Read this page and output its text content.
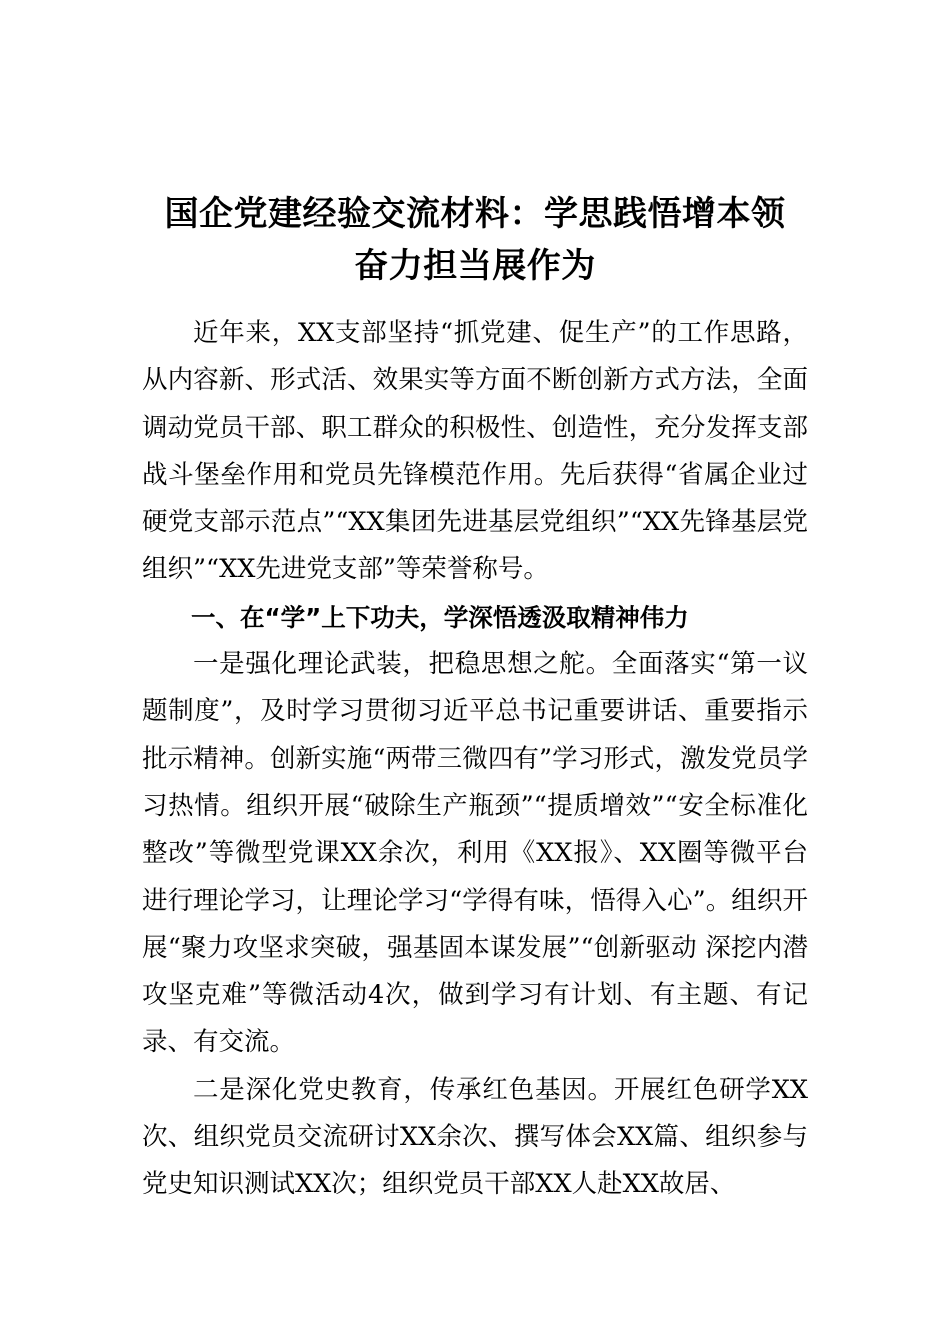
国企党建经验交流材料：学思践悟增本领
奋力担当展作为

近年来，XX支部坚持“抓党建、促生产”的工作思路，从内容新、形式活、效果实等方面不断创新方式方法，全面调动党员干部、职工群众的积极性、创造性，充分发挥支部战斗堡垒作用和党员先锋模范作用。先后获得“省属企业过硬党支部示范点”“XX集团先进基层党组织”“XX先锋基层党组织”“XX先进党支部”等荣誉称号。

一、在“学”上下功夫，学深悟透汲取精神伟力

一是强化理论武装，把稳思想之舵。全面落实“第一议题制度”，及时学习贯彻习近平总书记重要讲话、重要指示批示精神。创新实施“两带三微四有”学习形式，激发党员学习热情。组织开展“破除生产瓶颈”“提质增效”“安全标准化整改”等微型党课XX余次，利用《XX报》、XX圈等微平台进行理论学习，让理论学习“学得有味，悟得入心”。组织开展“聚力攻坚求突破，强基固本谋发展”“创新驱动 深挖内潜 攻坚克难”等微活动4次，做到学习有计划、有主题、有记录、有交流。

二是深化党史教育，传承红色基因。开展红色研学XX次、组织党员交流研讨XX余次、撰写体会XX篇、组织参与党史知识测试XX次；组织党员干部XX人赴XX故居、
